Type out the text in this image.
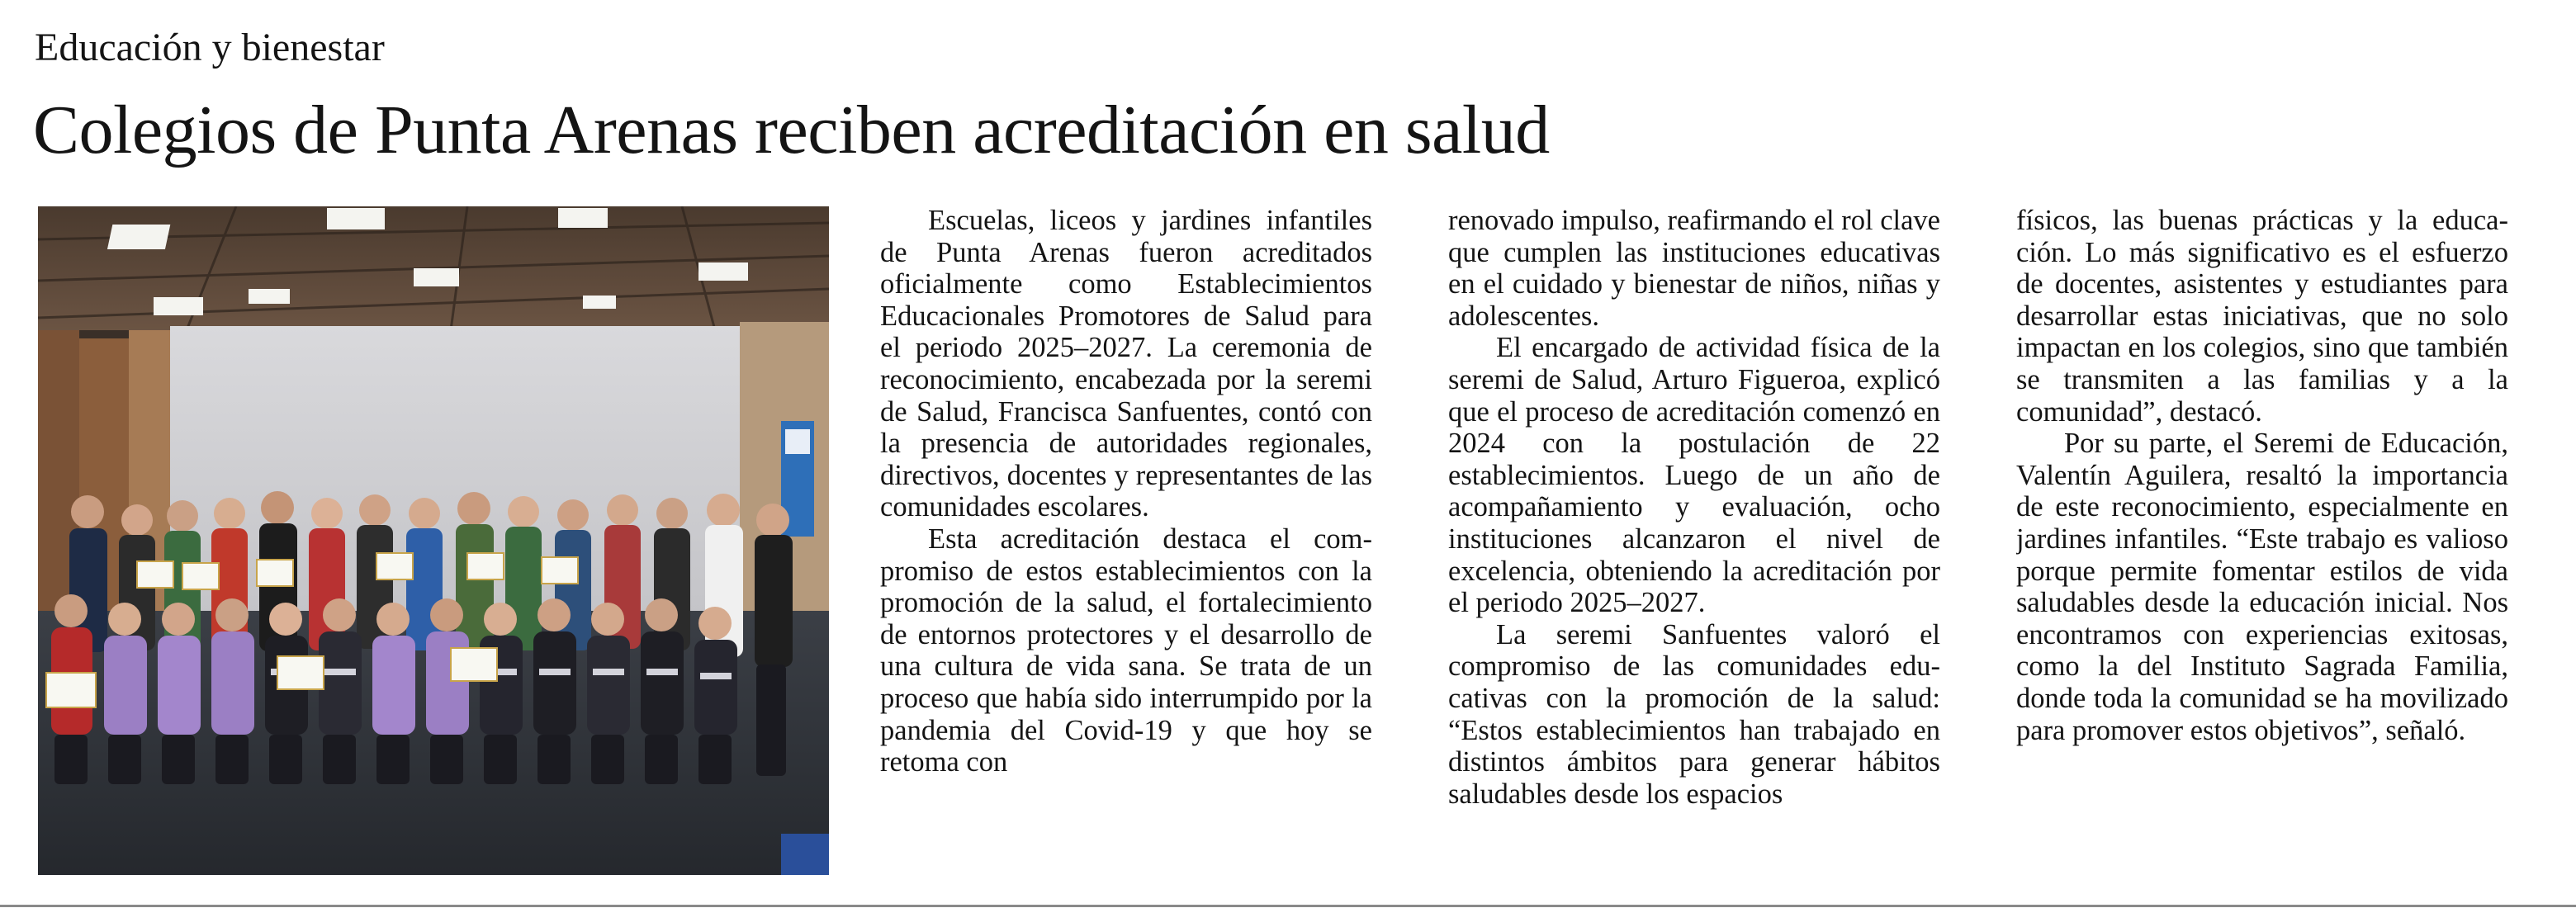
Educación y bienestar
Colegios de Punta Arenas reciben acreditación en salud

Escuelas, liceos y jardines infantiles de Punta Arenas fueron acreditados oficialmente como Establecimientos Educacionales Promotores de Salud para el periodo 2025–2027. La ceremonia de reconocimiento, encabezada por la seremi de Salud, Francisca Sanfuentes, contó con la presencia de autoridades regionales, directivos, docentes y representantes de las comunidades escolares.

Esta acreditación destaca el compromiso de estos establecimientos con la promoción de la salud, el fortalecimiento de entornos protectores y el desarrollo de una cultura de vida sana. Se trata de un proceso que había sido interrumpido por la pandemia del Covid-19 y que hoy se retoma con

renovado impulso, reafirmando el rol clave que cumplen las instituciones educativas en el cuidado y bienestar de niños, niñas y adolescentes.

El encargado de actividad física de la seremi de Salud, Arturo Figueroa, explicó que el proceso de acreditación comenzó en 2024 con la postulación de 22 establecimientos. Luego de un año de acompañamiento y evaluación, ocho instituciones alcanzaron el nivel de excelencia, obteniendo la acreditación por el periodo 2025–2027.

La seremi Sanfuentes valoró el compromiso de las comunidades educativas con la promoción de la salud: “Estos establecimientos han trabajado en distintos ámbitos para generar hábitos saludables desde los espacios

físicos, las buenas prácticas y la educación. Lo más significativo es el esfuerzo de docentes, asistentes y estudiantes para desarrollar estas iniciativas, que no solo impactan en los colegios, sino que también se transmiten a las familias y a la comunidad”, destacó.

Por su parte, el Seremi de Educación, Valentín Aguilera, resaltó la importancia de este reconocimiento, especialmente en jardines infantiles. “Este trabajo es valioso porque permite fomentar estilos de vida saludables desde la educación inicial. Nos encontramos con experiencias exitosas, como la del Instituto Sagrada Familia, donde toda la comunidad se ha movilizado para promover estos objetivos”, señaló.
